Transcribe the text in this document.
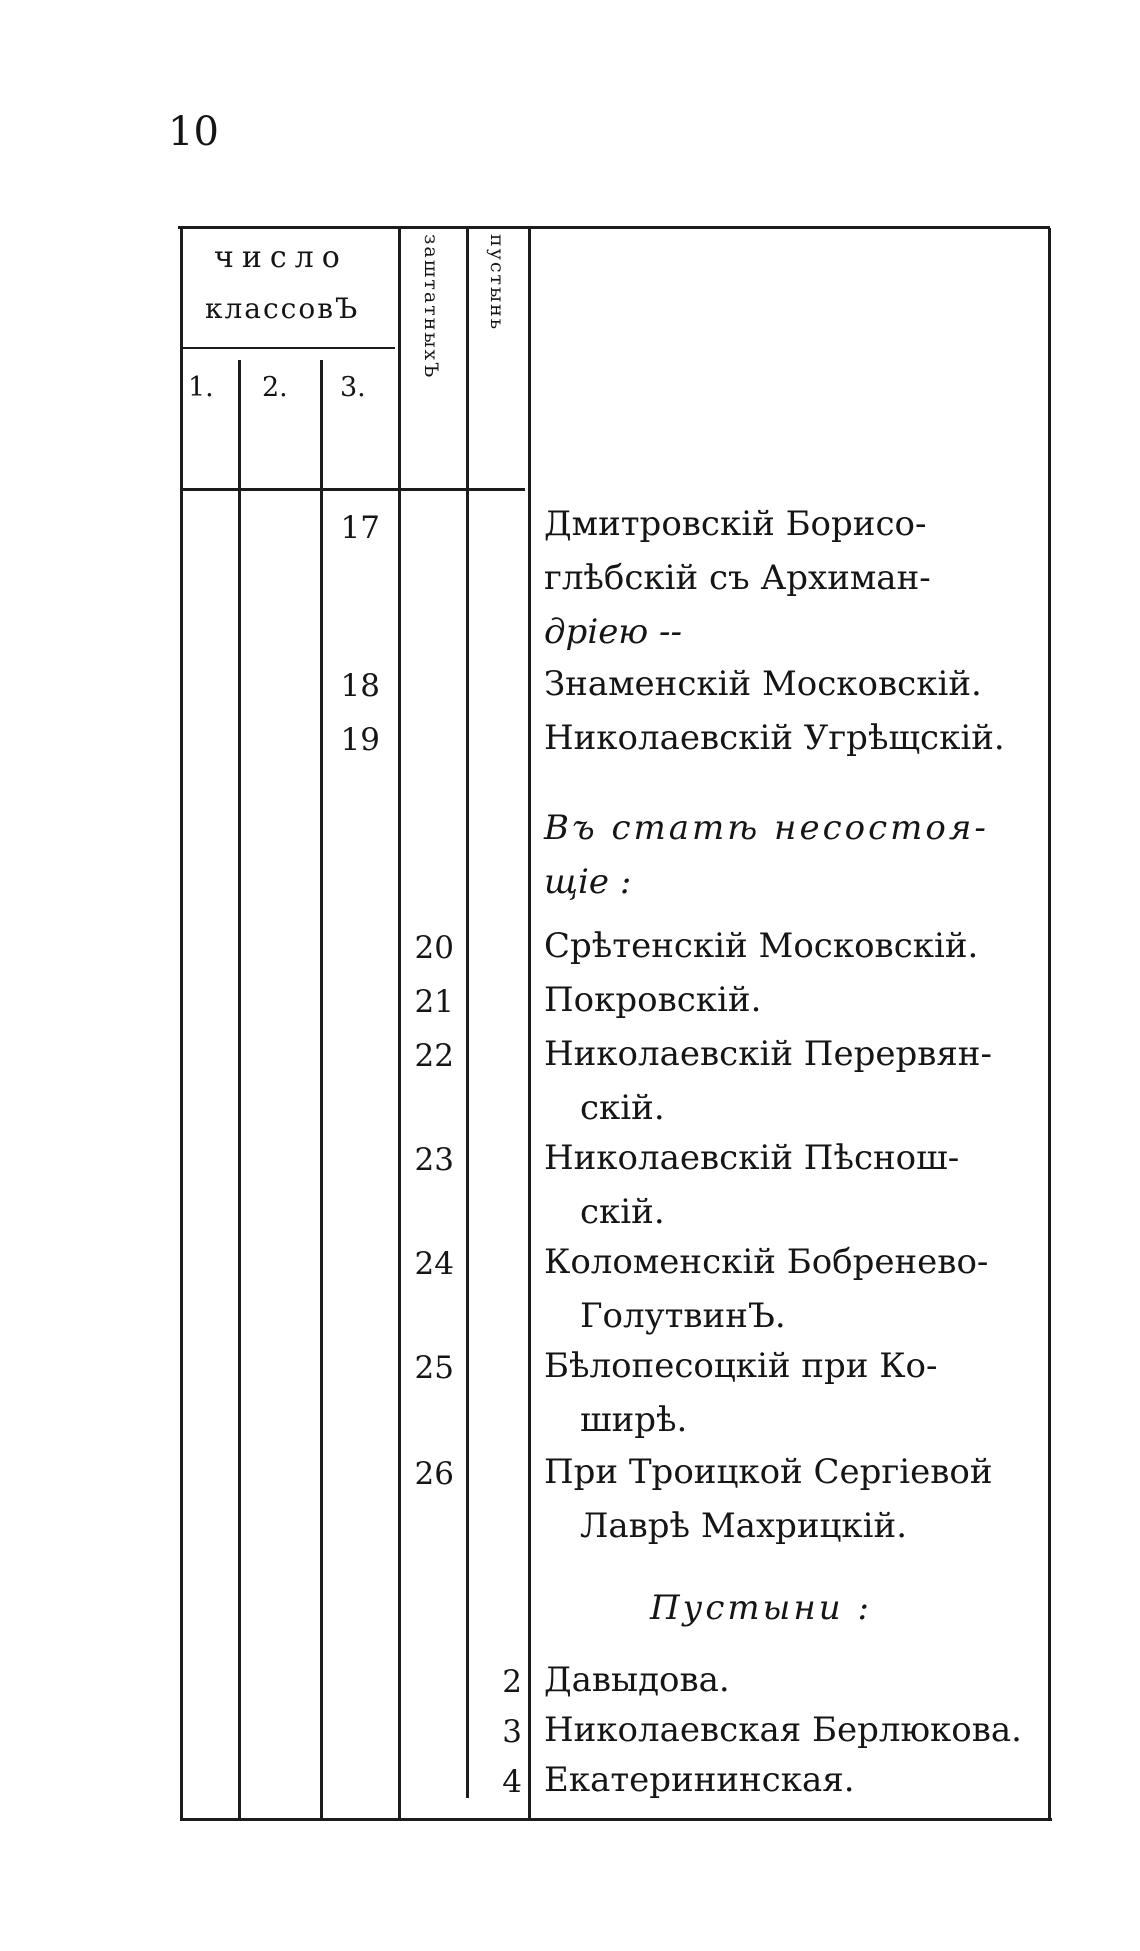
10
число
классовЪ
1. 2. 3.
заштатныхЪ пустынь
17	Дмитровскій Борисо-
глѣбскій съ Архиман-
дріею --
18	Знаменскій Московскій.
19	Николаевскій Угрѣщскій.
Въ статѣ несостоя-
щіе :
20	Срѣтенскій Московскій.
21	Покровскій.
22	Николаевскій Перервян-
скій.
23	Николаевскій Пѣснош-
скій.
24	Коломенскій Бобренево-
ГолутвинЪ.
25	Бѣлопесоцкій при Ко-
ширѣ.
26	При Троицкой Сергіевой
Лаврѣ Махрицкій.
Пустыни :
2 Давыдова.
3 Николаевская Берлюкова.
4 Екатерининская.
